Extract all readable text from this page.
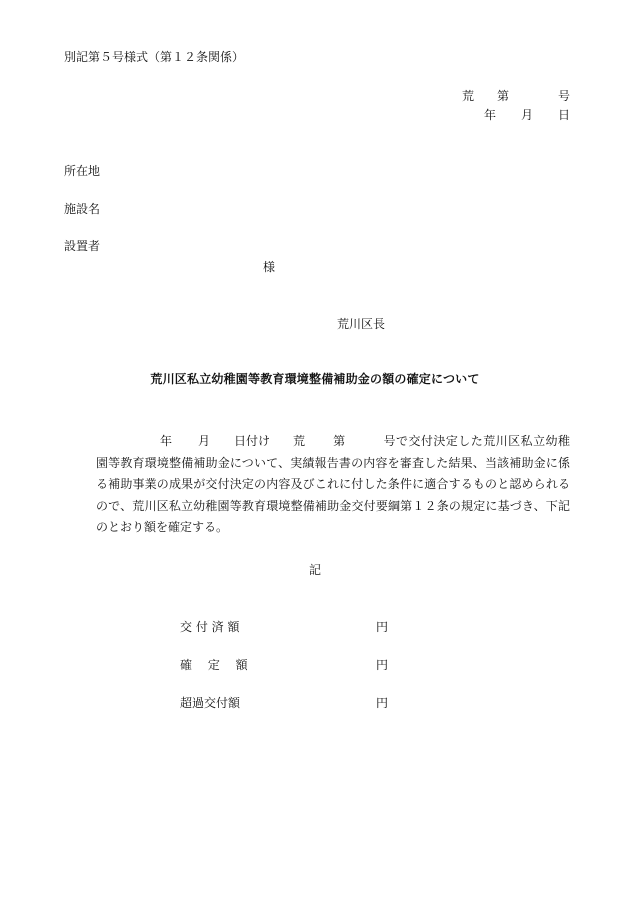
別記第５号様式（第１２条関係）
荒 第	号
年 月 日
所在地
施設名
設置者
様
荒川区長
荒川区私立幼稚園等教育環境整備補助金の額の確定について
年 月 日付け 荒 第	号で交付決定した荒川区私立幼稚園等教育環境整備補助金について、実績報告書の内容を審査した結果、当該補助金に係る補助事業の成果が交付決定の内容及びこれに付した条件に適合するものと認められるので、荒川区私立幼稚園等教育環境整備補助金交付要綱第１２条の規定に基づき、下記のとおり額を確定する。
記
交 付 済 額	円
確　 定 　額	円
超過交付額	円
